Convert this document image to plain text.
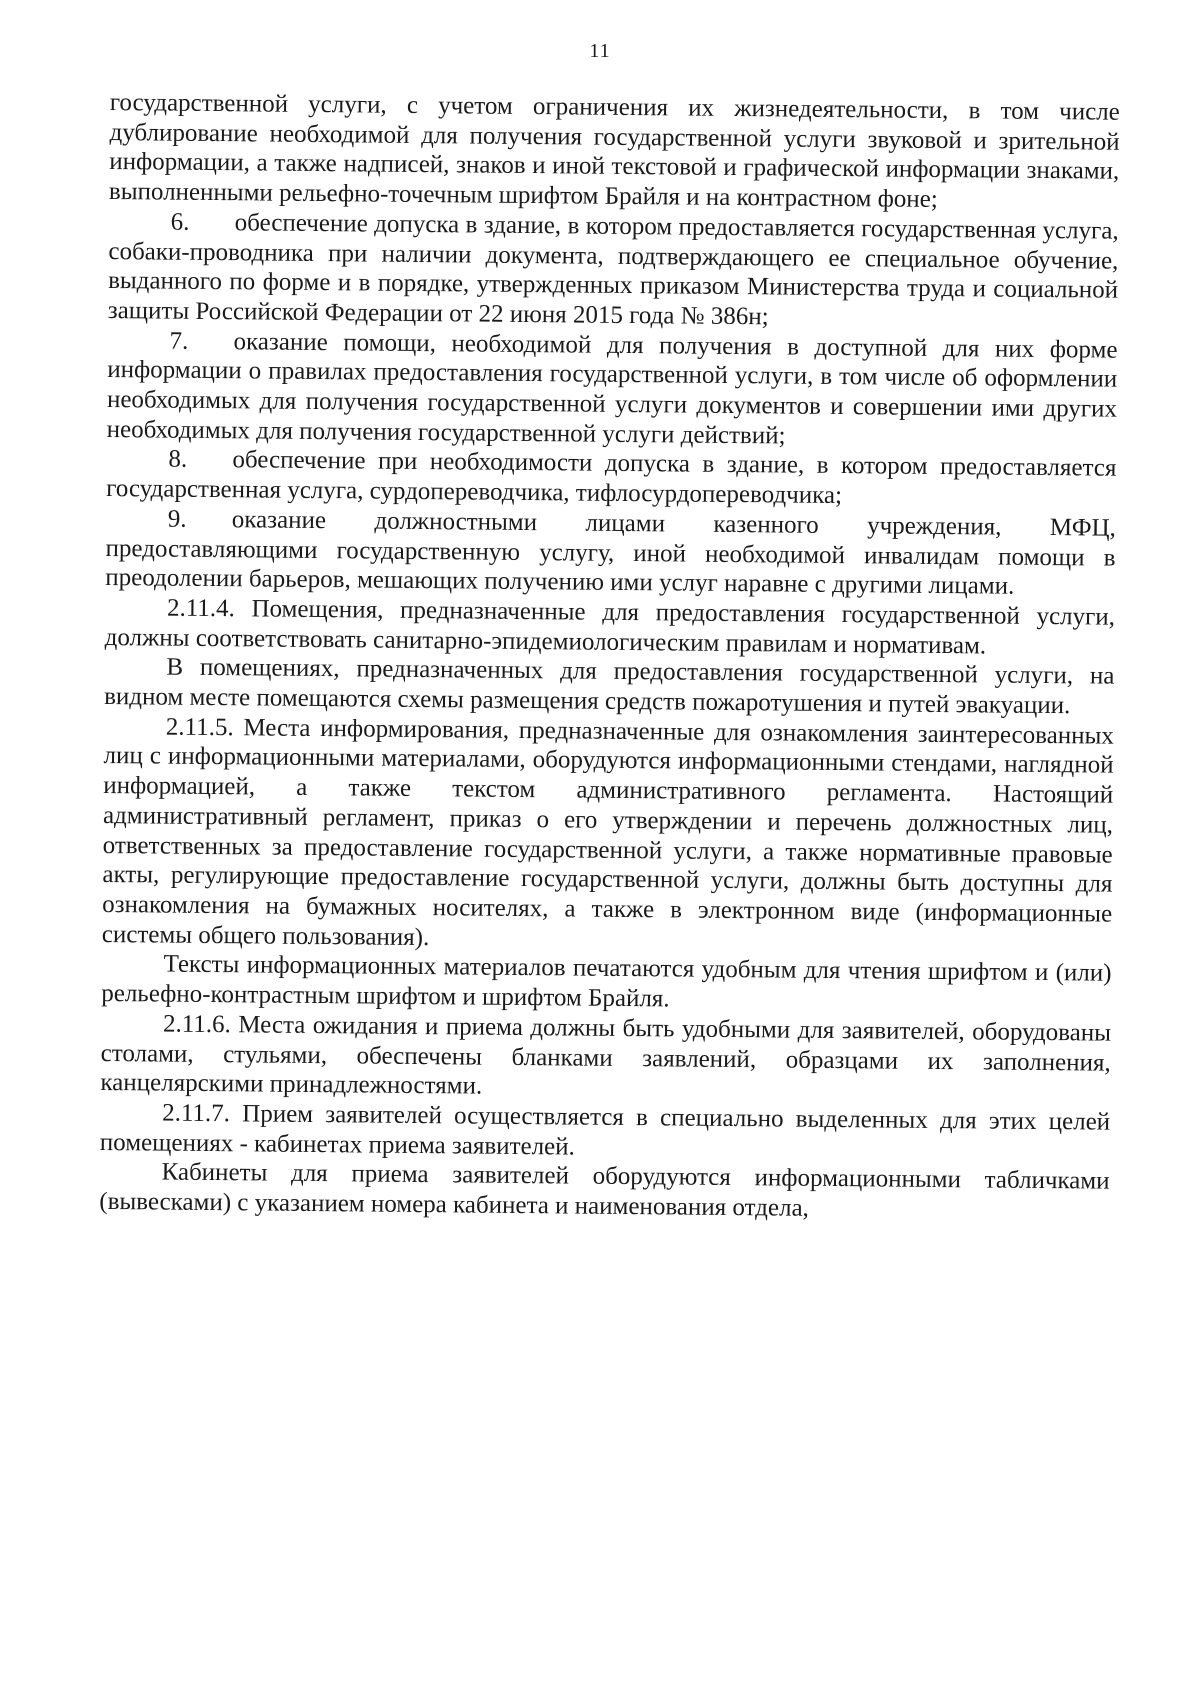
11

государственной услуги, с учетом ограничения их жизнедеятельности, в том числе дублирование необходимой для получения государственной услуги звуковой и зрительной информации, а также надписей, знаков и иной текстовой и графической информации знаками, выполненными рельефно-точечным шрифтом Брайля и на контрастном фоне;

6. обеспечение допуска в здание, в котором предоставляется государственная услуга, собаки-проводника при наличии документа, подтверждающего ее специальное обучение, выданного по форме и в порядке, утвержденных приказом Министерства труда и социальной защиты Российской Федерации от 22 июня 2015 года № 386н;

7. оказание помощи, необходимой для получения в доступной для них форме информации о правилах предоставления государственной услуги, в том числе об оформлении необходимых для получения государственной услуги документов и совершении ими других необходимых для получения государственной услуги действий;

8. обеспечение при необходимости допуска в здание, в котором предоставляется государственная услуга, сурдопереводчика, тифлосурдопереводчика;

9. оказание должностными лицами казенного учреждения, МФЦ, предоставляющими государственную услугу, иной необходимой инвалидам помощи в преодолении барьеров, мешающих получению ими услуг наравне с другими лицами.

2.11.4. Помещения, предназначенные для предоставления государственной услуги, должны соответствовать санитарно-эпидемиологическим правилам и нормативам.

В помещениях, предназначенных для предоставления государственной услуги, на видном месте помещаются схемы размещения средств пожаротушения и путей эвакуации.

2.11.5. Места информирования, предназначенные для ознакомления заинтересованных лиц с информационными материалами, оборудуются информационными стендами, наглядной информацией, а также текстом административного регламента. Настоящий административный регламент, приказ о его утверждении и перечень должностных лиц, ответственных за предоставление государственной услуги, а также нормативные правовые акты, регулирующие предоставление государственной услуги, должны быть доступны для ознакомления на бумажных носителях, а также в электронном виде (информационные системы общего пользования).

Тексты информационных материалов печатаются удобным для чтения шрифтом и (или) рельефно-контрастным шрифтом и шрифтом Брайля.

2.11.6. Места ожидания и приема должны быть удобными для заявителей, оборудованы столами, стульями, обеспечены бланками заявлений, образцами их заполнения, канцелярскими принадлежностями.

2.11.7. Прием заявителей осуществляется в специально выделенных для этих целей помещениях - кабинетах приема заявителей.

Кабинеты для приема заявителей оборудуются информационными табличками (вывесками) с указанием номера кабинета и наименования отдела,
